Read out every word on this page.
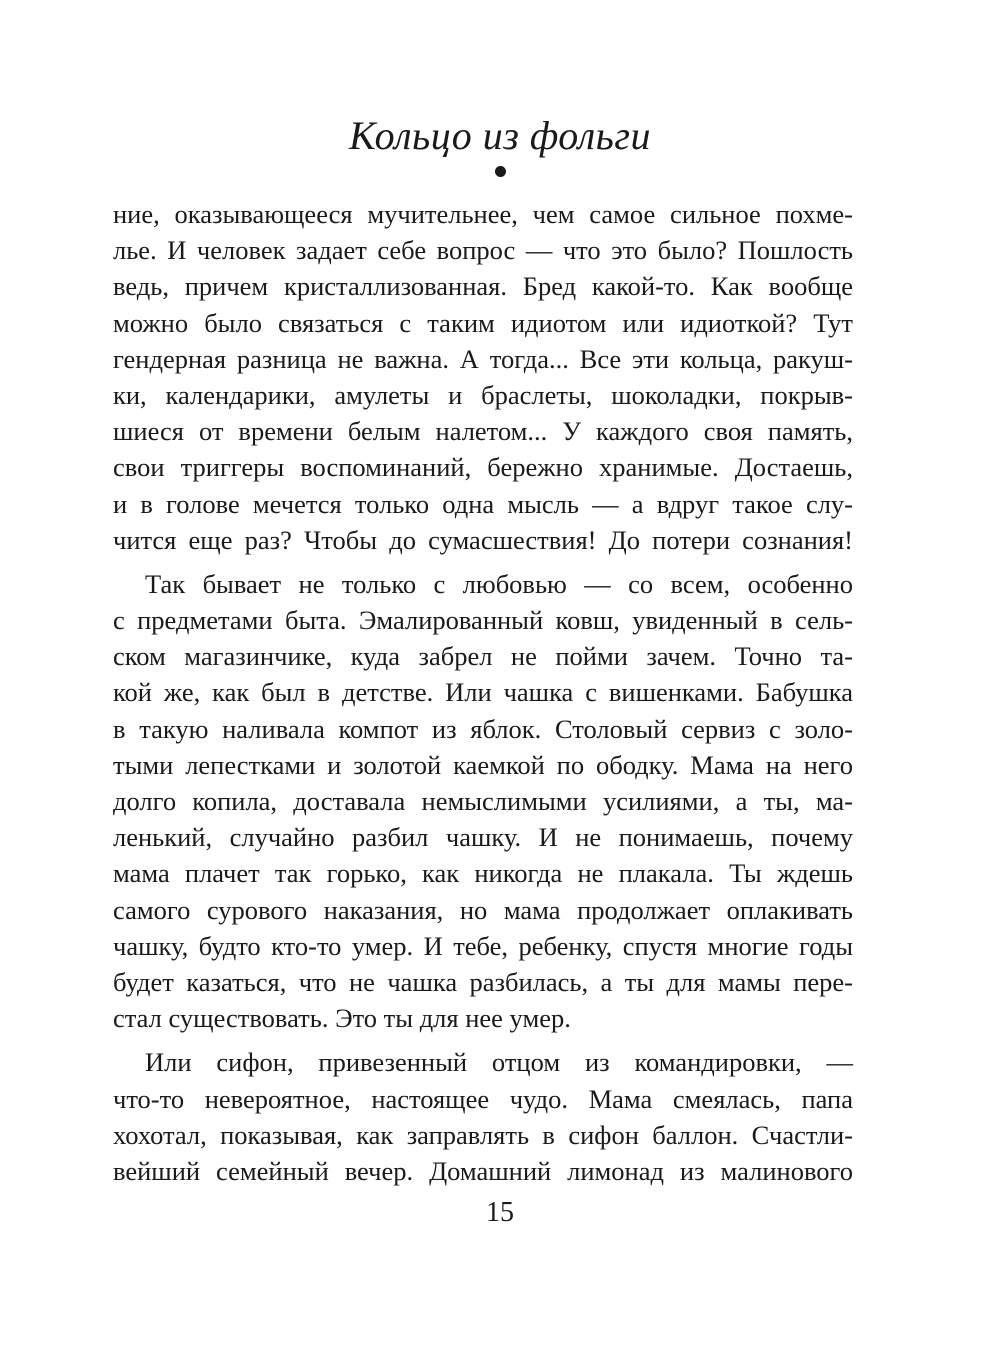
Кольцо из фольги
ние, оказывающееся мучительнее, чем самое сильное похме-
лье. И человек задает себе вопрос — что это было? Пошлость
ведь, причем кристаллизованная. Бред какой-то. Как вообще
можно было связаться с таким идиотом или идиоткой? Тут
гендерная разница не важна. А тогда... Все эти кольца, ракуш-
ки, календарики, амулеты и браслеты, шоколадки, покрыв-
шиеся от времени белым налетом... У каждого своя память,
свои триггеры воспоминаний, бережно хранимые. Достаешь,
и в голове мечется только одна мысль — а вдруг такое слу-
чится еще раз? Чтобы до сумасшествия! До потери сознания!
Так бывает не только с любовью — со всем, особенно
с предметами быта. Эмалированный ковш, увиденный в сель-
ском магазинчике, куда забрел не пойми зачем. Точно та-
кой же, как был в детстве. Или чашка с вишенками. Бабушка
в такую наливала компот из яблок. Столовый сервиз с золо-
тыми лепестками и золотой каемкой по ободку. Мама на него
долго копила, доставала немыслимыми усилиями, а ты, ма-
ленький, случайно разбил чашку. И не понимаешь, почему
мама плачет так горько, как никогда не плакала. Ты ждешь
самого сурового наказания, но мама продолжает оплакивать
чашку, будто кто-то умер. И тебе, ребенку, спустя многие годы
будет казаться, что не чашка разбилась, а ты для мамы пере-
стал существовать. Это ты для нее умер.
Или сифон, привезенный отцом из командировки, —
что-то невероятное, настоящее чудо. Мама смеялась, папа
хохотал, показывая, как заправлять в сифон баллон. Счастли-
вейший семейный вечер. Домашний лимонад из малинового
15
